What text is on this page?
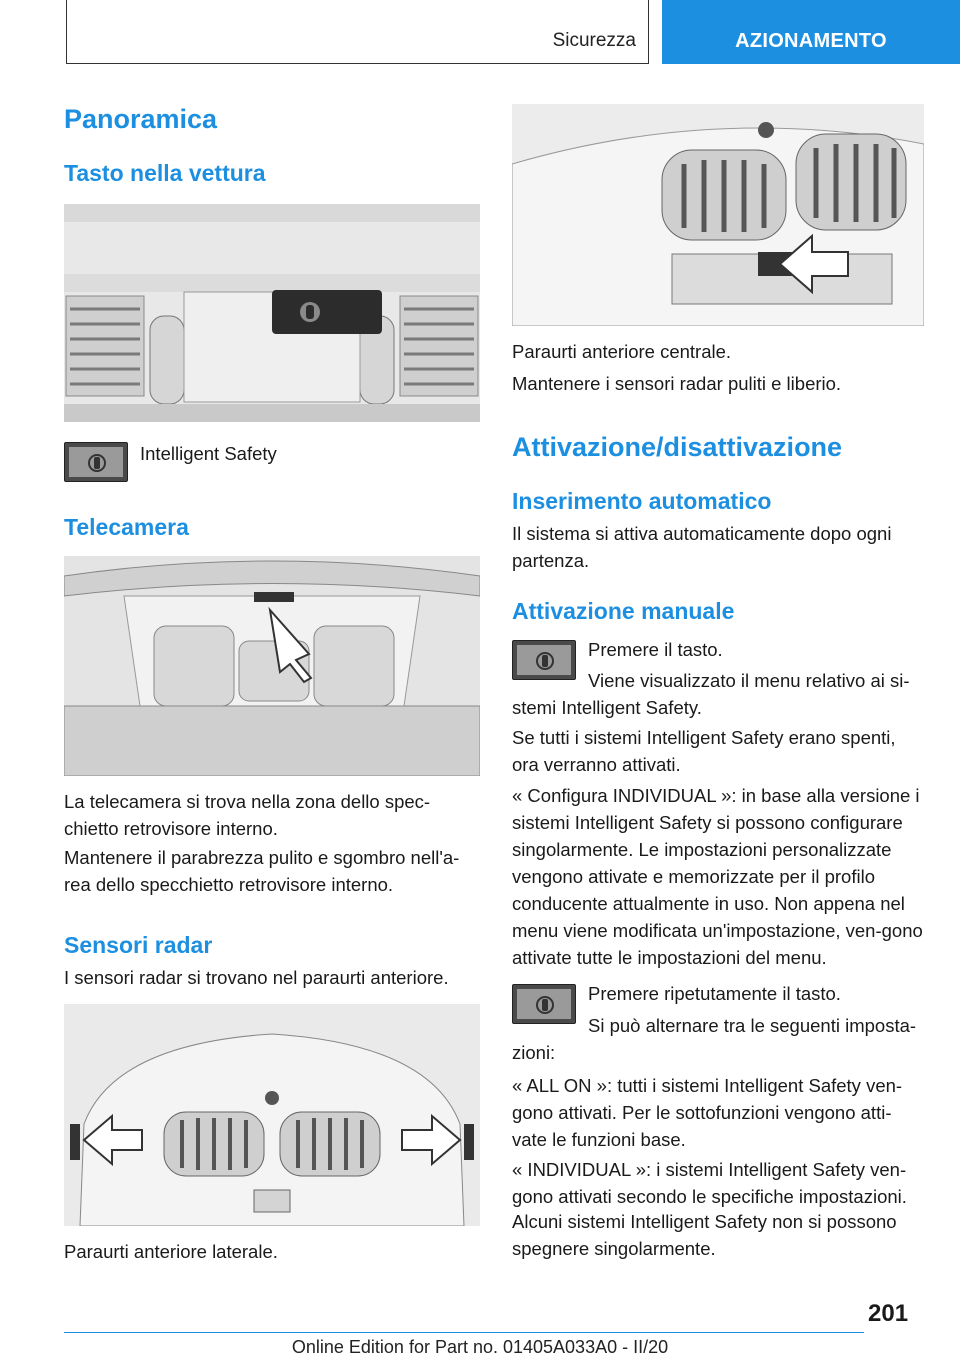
Sicurezza	AZIONAMENTO
Panoramica
Tasto nella vettura
Intelligent Safety
Telecamera
La telecamera si trova nella zona dello spec-chietto retrovisore interno.
Mantenere il parabrezza pulito e sgombro nell'a-rea dello specchietto retrovisore interno.
Sensori radar
I sensori radar si trovano nel paraurti anteriore.
Paraurti anteriore laterale.
Paraurti anteriore centrale.
Mantenere i sensori radar puliti e liberio.
Attivazione/disattivazione
Inserimento automatico
Il sistema si attiva automaticamente dopo ogni partenza.
Attivazione manuale
Premere il tasto.
Viene visualizzato il menu relativo ai si-stemi Intelligent Safety.
Se tutti i sistemi Intelligent Safety erano spenti, ora verranno attivati.
« Configura INDIVIDUAL »: in base alla versione i sistemi Intelligent Safety si possono configurare singolarmente. Le impostazioni personalizzate vengono attivate e memorizzate per il profilo conducente attualmente in uso. Non appena nel menu viene modificata un'impostazione, ven-gono attivate tutte le impostazioni del menu.
Premere ripetutamente il tasto.
Si può alternare tra le seguenti imposta-zioni:
« ALL ON »: tutti i sistemi Intelligent Safety ven-gono attivati. Per le sottofunzioni vengono atti-vate le funzioni base.
« INDIVIDUAL »: i sistemi Intelligent Safety ven-gono attivati secondo le specifiche impostazioni.
Alcuni sistemi Intelligent Safety non si possono spegnere singolarmente.
201
Online Edition for Part no. 01405A033A0 - II/20
